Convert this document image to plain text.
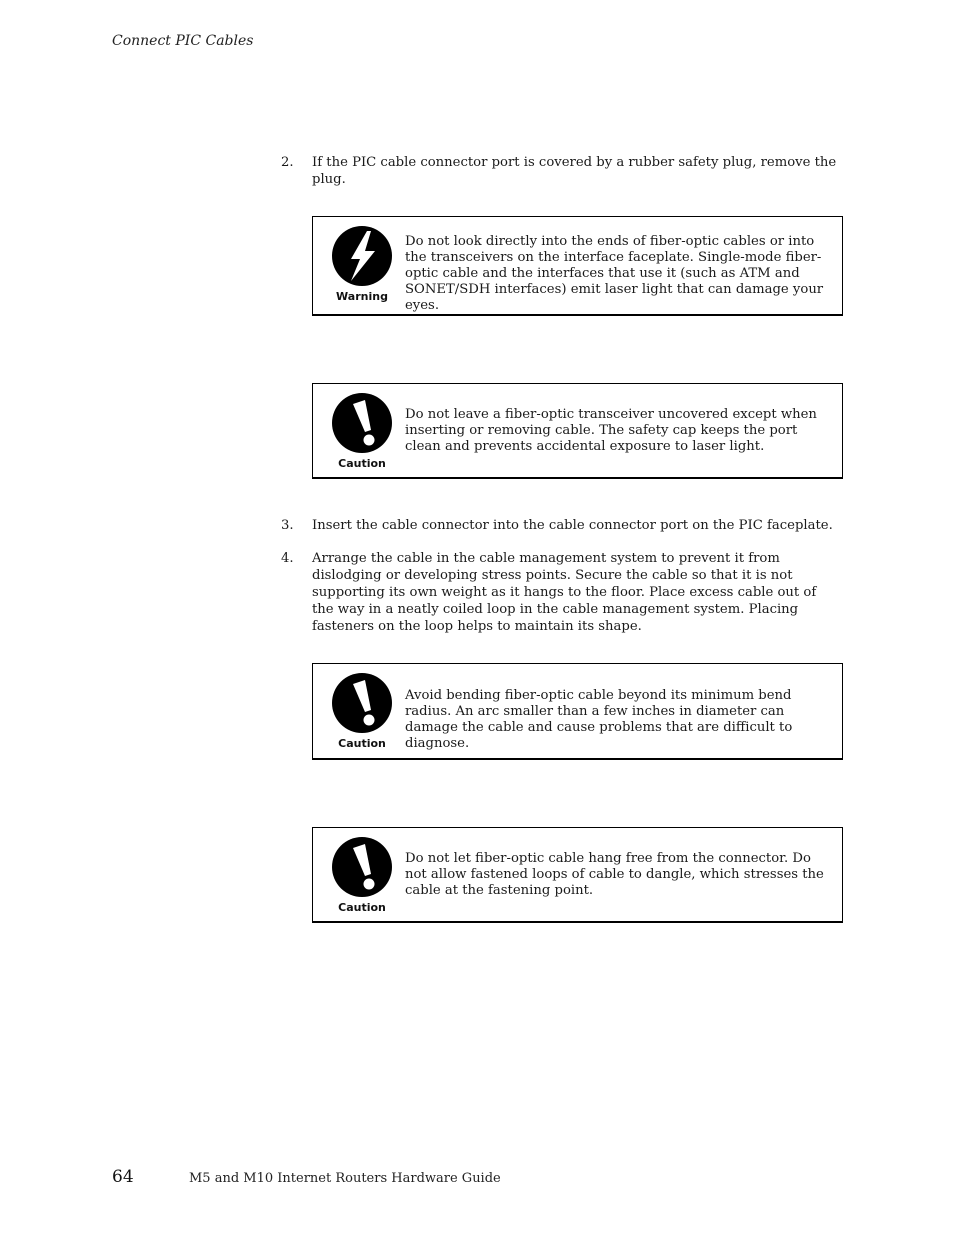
Connect PIC Cables
2. If the PIC cable connector port is covered by a rubber safety plug, remove the plug.
Warning
Do not look directly into the ends of fiber-optic cables or into the transceivers on the interface faceplate. Single-mode fiber-optic cable and the interfaces that use it (such as ATM and SONET/SDH interfaces) emit laser light that can damage your eyes.
Caution
Do not leave a fiber-optic transceiver uncovered except when inserting or removing cable. The safety cap keeps the port clean and prevents accidental exposure to laser light.
3. Insert the cable connector into the cable connector port on the PIC faceplate.
4. Arrange the cable in the cable management system to prevent it from dislodging or developing stress points. Secure the cable so that it is not supporting its own weight as it hangs to the floor. Place excess cable out of the way in a neatly coiled loop in the cable management system. Placing fasteners on the loop helps to maintain its shape.
Caution
Avoid bending fiber-optic cable beyond its minimum bend radius. An arc smaller than a few inches in diameter can damage the cable and cause problems that are difficult to diagnose.
Caution
Do not let fiber-optic cable hang free from the connector. Do not allow fastened loops of cable to dangle, which stresses the cable at the fastening point.
64	M5 and M10 Internet Routers Hardware Guide
